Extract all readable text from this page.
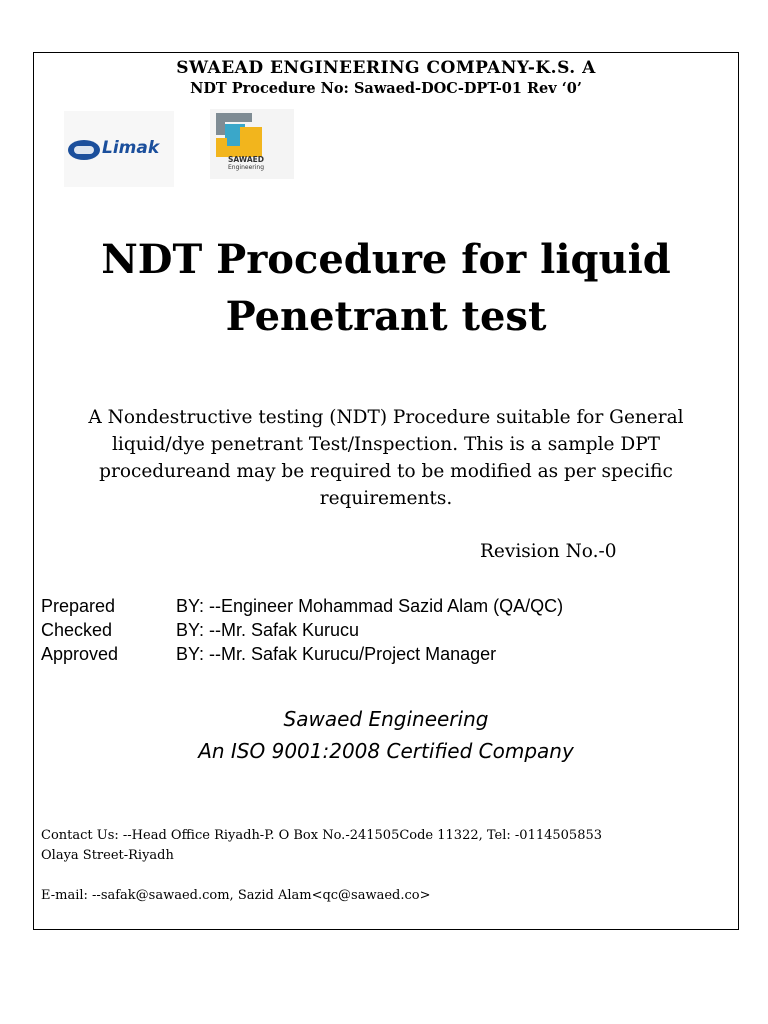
SWAEAD ENGINEERING COMPANY-K.S. A
NDT Procedure No: Sawaed-DOC-DPT-01 Rev ‘0’
Limak
SAWAED
Engineering
NDT Procedure for liquid
Penetrant test
A Nondestructive testing (NDT) Procedure suitable for General liquid/dye penetrant Test/Inspection. This is a sample DPT procedureand may be required to be modified as per specific requirements.
Revision No.-0
Prepared	BY: --Engineer Mohammad Sazid Alam (QA/QC)
Checked	BY: --Mr. Safak Kurucu
Approved	BY: --Mr. Safak Kurucu/Project Manager
Sawaed Engineering
An ISO 9001:2008 Certified Company
Contact Us: --Head Office Riyadh-P. O Box No.-241505Code 11322, Tel: -0114505853
Olaya Street-Riyadh
E-mail: --safak@sawaed.com, Sazid Alam<qc@sawaed.co>
